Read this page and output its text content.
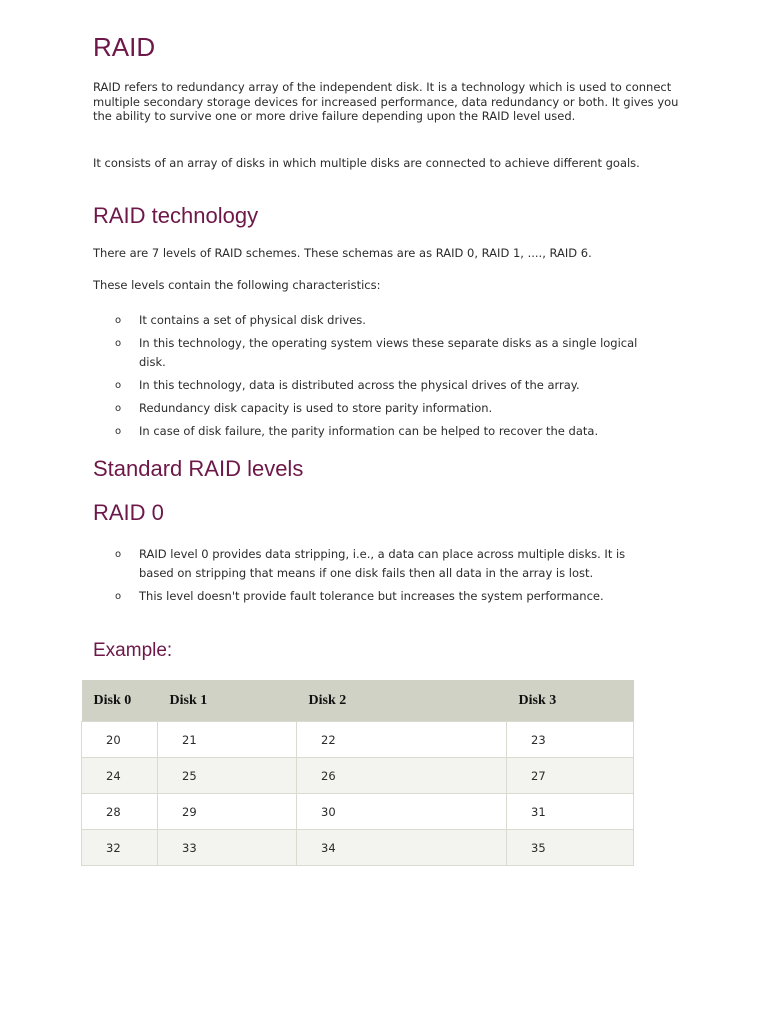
RAID

RAID refers to redundancy array of the independent disk. It is a technology which is used to connect multiple secondary storage devices for increased performance, data redundancy or both. It gives you the ability to survive one or more drive failure depending upon the RAID level used.

It consists of an array of disks in which multiple disks are connected to achieve different goals.

RAID technology

There are 7 levels of RAID schemes. These schemas are as RAID 0, RAID 1, ...., RAID 6.

These levels contain the following characteristics:

o It contains a set of physical disk drives.
o In this technology, the operating system views these separate disks as a single logical disk.
o In this technology, data is distributed across the physical drives of the array.
o Redundancy disk capacity is used to store parity information.
o In case of disk failure, the parity information can be helped to recover the data.
Standard RAID levels
RAID 0
o RAID level 0 provides data stripping, i.e., a data can place across multiple disks. It is based on stripping that means if one disk fails then all data in the array is lost.
o This level doesn't provide fault tolerance but increases the system performance.
Example:
Disk 0	Disk 1	Disk 2	Disk 3
20	21	22	23
24	25	26	27
28	29	30	31
32	33	34	35
